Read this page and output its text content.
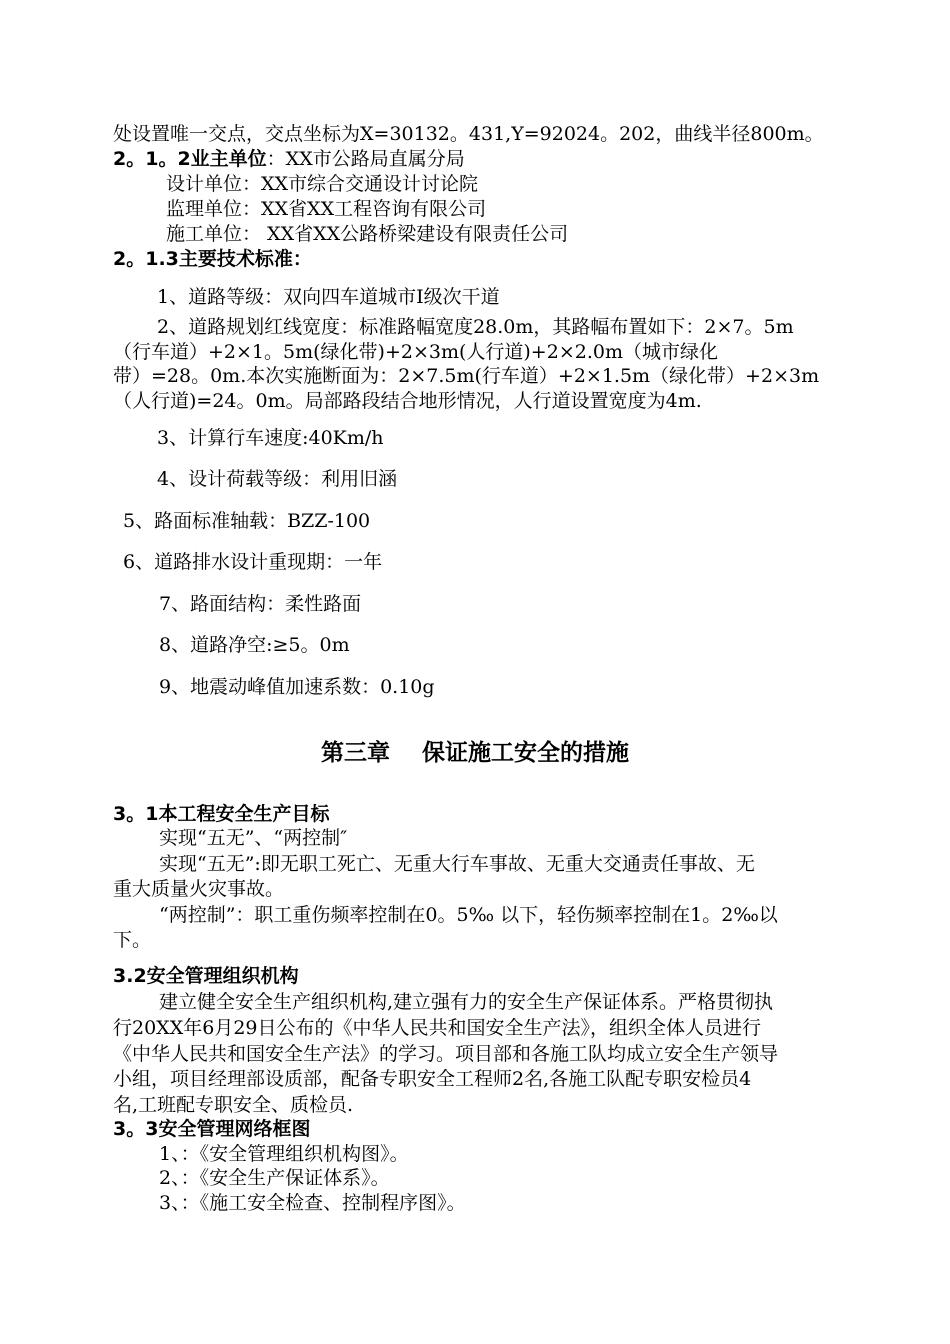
处设置唯一交点，交点坐标为X=30132。431,Y=92024。202，曲线半径800m。
2。1。2业主单位：XX市公路局直属分局
设计单位：XX市综合交通设计讨论院
监理单位：XX省XX工程咨询有限公司
施工单位： XX省XX公路桥梁建设有限责任公司
2。1.3主要技术标准：
1、道路等级：双向四车道城市Ⅰ级次干道
2、道路规划红线宽度：标准路幅宽度28.0m，其路幅布置如下：2×7。5m
（行车道）+2×1。5m(绿化带)+2×3m(人行道)+2×2.0m（城市绿化
带）=28。0m.本次实施断面为：2×7.5m(行车道）+2×1.5m（绿化带）+2×3m
（人行道)=24。0m。局部路段结合地形情况，人行道设置宽度为4m.
3、计算行车速度:40Km/h
4、设计荷载等级：利用旧涵
5、路面标准轴载：BZZ-100
6、道路排水设计重现期：一年
7、路面结构：柔性路面
8、道路净空:≥5。0m
9、地震动峰值加速系数：0.10g
第三章    保证施工安全的措施
3。1本工程安全生产目标
实现“五无”、“两控制″
实现“五无”:即无职工死亡、无重大行车事故、无重大交通责任事故、无
重大质量火灾事故。
“两控制”：职工重伤频率控制在0。5‰ 以下，轻伤频率控制在1。2‰以
下。
3.2安全管理组织机构
建立健全安全生产组织机构,建立强有力的安全生产保证体系。严格贯彻执
行20XX年6月29日公布的《中华人民共和国安全生产法》，组织全体人员进行
《中华人民共和国安全生产法》的学习。项目部和各施工队均成立安全生产领导
小组，项目经理部设质部，配备专职安全工程师2名,各施工队配专职安检员4
名,工班配专职安全、质检员.
3。3安全管理网络框图
1、：《安全管理组织机构图》。
2、：《安全生产保证体系》。
3、：《施工安全检查、控制程序图》。
